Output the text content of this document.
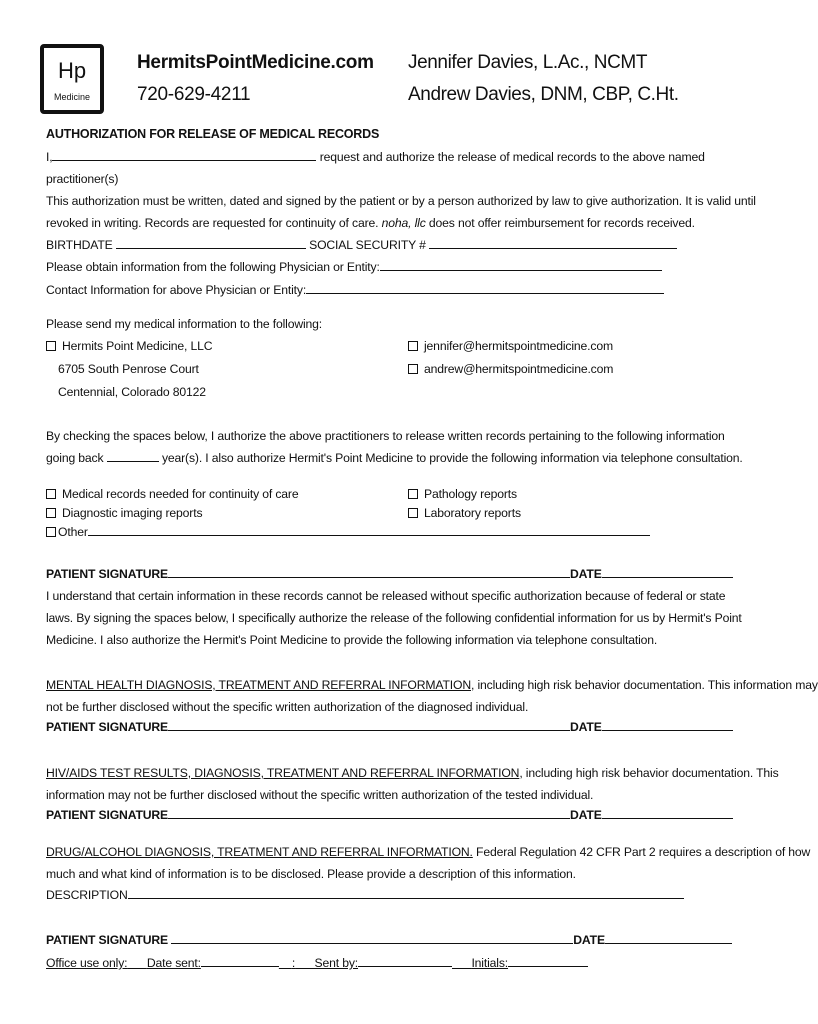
Hp
Medicine
HermitsPointMedicine.com
720-629-4211
Jennifer Davies, L.Ac., NCMT
Andrew Davies, DNM, CBP, C.Ht.
AUTHORIZATION FOR RELEASE OF MEDICAL RECORDS
I,	request and authorize the release of medical records to the above named
practitioner(s)
This authorization must be written, dated and signed by the patient or by a person authorized by law to give authorization. It is valid until
revoked in writing. Records are requested for continuity of care. noha, llc does not offer reimbursement for records received.
BIRTHDATE	SOCIAL SECURITY #
Please obtain information from the following Physician or Entity:
Contact Information for above Physician or Entity:
Please send my medical information to the following:
Hermits Point Medicine, LLC
6705 South Penrose Court
Centennial, Colorado 80122
jennifer@hermitspointmedicine.com
andrew@hermitspointmedicine.com
By checking the spaces below, I authorize the above practitioners to release written records pertaining to the following information
going back	year(s). I also authorize Hermit's Point Medicine to provide the following information via telephone consultation.
Medical records needed for continuity of care	Pathology reports
Diagnostic imaging reports	Laboratory reports
Other
PATIENT SIGNATURE	DATE
I understand that certain information in these records cannot be released without specific authorization because of federal or state
laws. By signing the spaces below, I specifically authorize the release of the following confidential information for us by Hermit's Point
Medicine. I also authorize the Hermit's Point Medicine to provide the following information via telephone consultation.
MENTAL HEALTH DIAGNOSIS, TREATMENT AND REFERRAL INFORMATION, including high risk behavior documentation. This information may
not be further disclosed without the specific written authorization of the diagnosed individual.
PATIENT SIGNATURE	DATE
HIV/AIDS TEST RESULTS, DIAGNOSIS, TREATMENT AND REFERRAL INFORMATION, including high risk behavior documentation. This
information may not be further disclosed without the specific written authorization of the tested individual.
PATIENT SIGNATURE	DATE
DRUG/ALCOHOL DIAGNOSIS, TREATMENT AND REFERRAL INFORMATION. Federal Regulation 42 CFR Part 2 requires a description of how
much and what kind of information is to be disclosed. Please provide a description of this information.
DESCRIPTION
PATIENT SIGNATURE	DATE
Office use only: Date sent:	: Sent by:	Initials:
